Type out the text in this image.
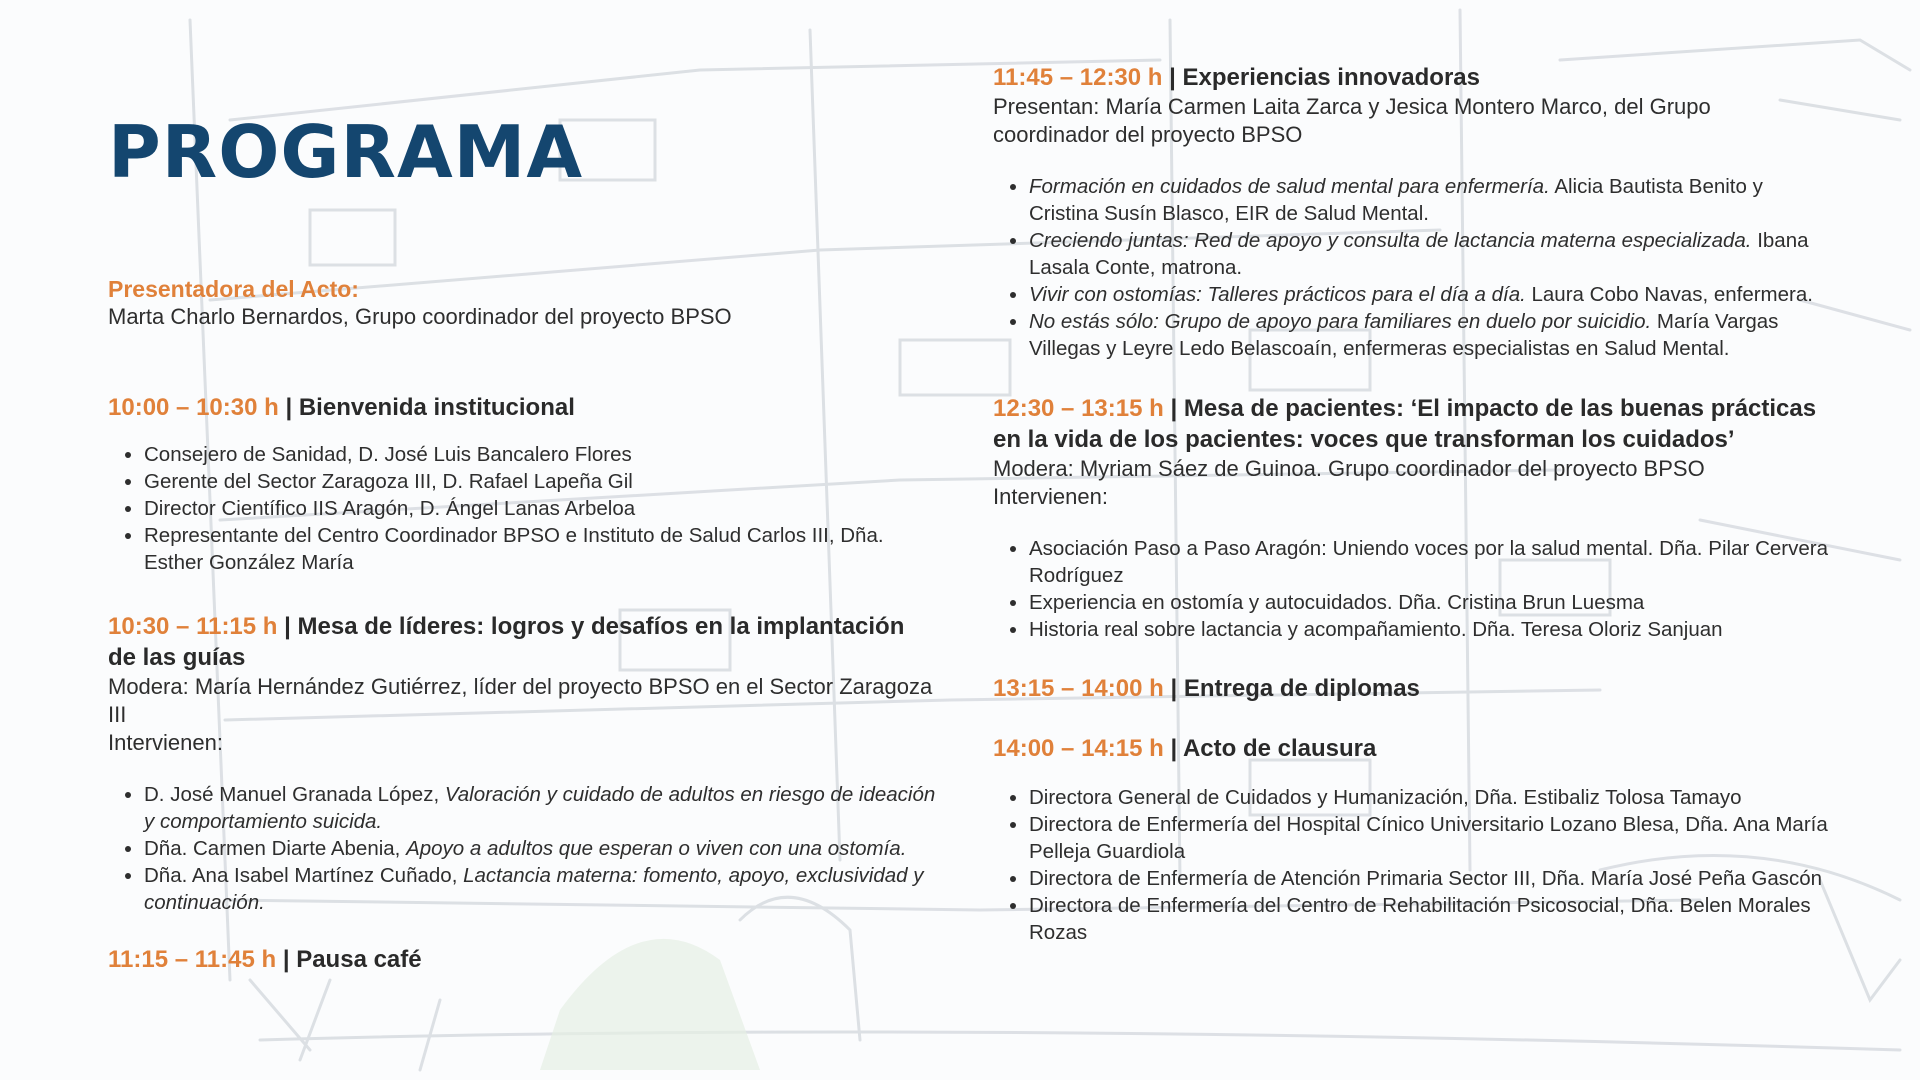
PROGRAMA
Presentadora del Acto:
Marta Charlo Bernardos, Grupo coordinador del proyecto BPSO

10:00 – 10:30 h | Bienvenida institucional

• Consejero de Sanidad, D. José Luis Bancalero Flores
• Gerente del Sector Zaragoza III, D. Rafael Lapeña Gil
• Director Científico IIS Aragón, D. Ángel Lanas Arbeloa
• Representante del Centro Coordinador BPSO e Instituto de Salud Carlos III, Dña. Esther González María

10:30 – 11:15 h | Mesa de líderes: logros y desafíos en la implantación de las guías

Modera: María Hernández Gutiérrez, líder del proyecto BPSO en el Sector Zaragoza III
Intervienen:
• D. José Manuel Granada López, Valoración y cuidado de adultos en riesgo de ideación y comportamiento suicida.
• Dña. Carmen Diarte Abenia, Apoyo a adultos que esperan o viven con una ostomía.
• Dña. Ana Isabel Martínez Cuñado, Lactancia materna: fomento, apoyo, exclusividad y continuación.

11:15 – 11:45 h | Pausa café

11:45 – 12:30 h | Experiencias innovadoras

Presentan: María Carmen Laita Zarca y Jesica Montero Marco, del Grupo coordinador del proyecto BPSO
• Formación en cuidados de salud mental para enfermería. Alicia Bautista Benito y Cristina Susín Blasco, EIR de Salud Mental.
• Creciendo juntas: Red de apoyo y consulta de lactancia materna especializada. Ibana Lasala Conte, matrona.
• Vivir con ostomías: Talleres prácticos para el día a día. Laura Cobo Navas, enfermera.
• No estás sólo: Grupo de apoyo para familiares en duelo por suicidio. María Vargas Villegas y Leyre Ledo Belascoaín, enfermeras especialistas en Salud Mental.

12:30 – 13:15 h | Mesa de pacientes: ‘El impacto de las buenas prácticas en la vida de los pacientes: voces que transforman los cuidados’

Modera: Myriam Sáez de Guinoa. Grupo coordinador del proyecto BPSO
Intervienen:
• Asociación Paso a Paso Aragón: Uniendo voces por la salud mental. Dña. Pilar Cervera Rodríguez
• Experiencia en ostomía y autocuidados. Dña. Cristina Brun Luesma
• Historia real sobre lactancia y acompañamiento. Dña. Teresa Oloriz Sanjuan

13:15 – 14:00 h | Entrega de diplomas

14:00 – 14:15 h | Acto de clausura

• Directora General de Cuidados y Humanización, Dña. Estibaliz Tolosa Tamayo
• Directora de Enfermería del Hospital Cínico Universitario Lozano Blesa, Dña. Ana María Pelleja Guardiola
• Directora de Enfermería de Atención Primaria Sector III, Dña. María José Peña Gascón
• Directora de Enfermería del Centro de Rehabilitación Psicosocial, Dña. Belen Morales Rozas
